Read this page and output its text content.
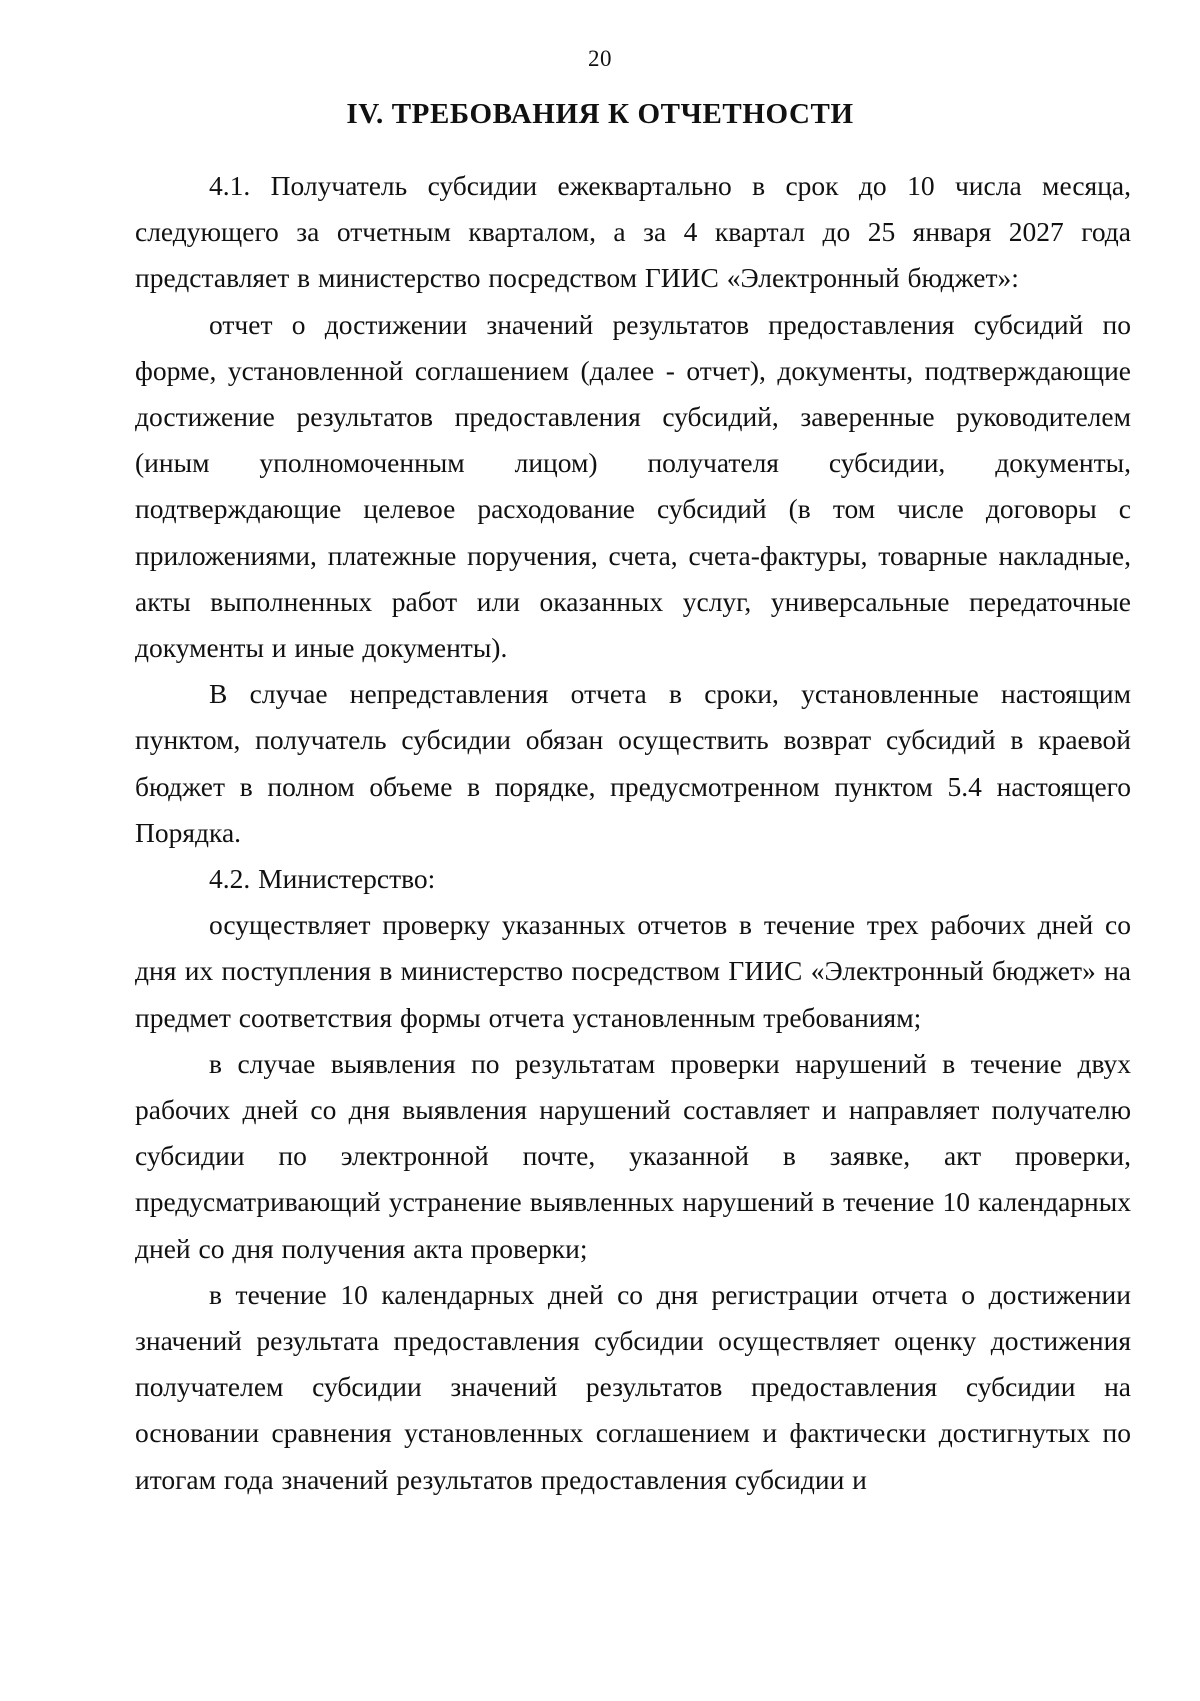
20
IV. ТРЕБОВАНИЯ К ОТЧЕТНОСТИ

4.1. Получатель субсидии ежеквартально в срок до 10 числа месяца, следующего за отчетным кварталом, а за 4 квартал до 25 января 2027 года представляет в министерство посредством ГИИС «Электронный бюджет»:

отчет о достижении значений результатов предоставления субсидий по форме, установленной соглашением (далее - отчет), документы, подтверждающие достижение результатов предоставления субсидий, заверенные руководителем (иным уполномоченным лицом) получателя субсидии, документы, подтверждающие целевое расходование субсидий (в том числе договоры с приложениями, платежные поручения, счета, счета-фактуры, товарные накладные, акты выполненных работ или оказанных услуг, универсальные передаточные документы и иные документы).

В случае непредставления отчета в сроки, установленные настоящим пунктом, получатель субсидии обязан осуществить возврат субсидий в краевой бюджет в полном объеме в порядке, предусмотренном пунктом 5.4 настоящего Порядка.

4.2. Министерство:

осуществляет проверку указанных отчетов в течение трех рабочих дней со дня их поступления в министерство посредством ГИИС «Электронный бюджет» на предмет соответствия формы отчета установленным требованиям;

в случае выявления по результатам проверки нарушений в течение двух рабочих дней со дня выявления нарушений составляет и направляет получателю субсидии по электронной почте, указанной в заявке, акт проверки, предусматривающий устранение выявленных нарушений в течение 10 календарных дней со дня получения акта проверки;

в течение 10 календарных дней со дня регистрации отчета о достижении значений результата предоставления субсидии осуществляет оценку достижения получателем субсидии значений результатов предоставления субсидии на основании сравнения установленных соглашением и фактически достигнутых по итогам года значений результатов предоставления субсидии и
